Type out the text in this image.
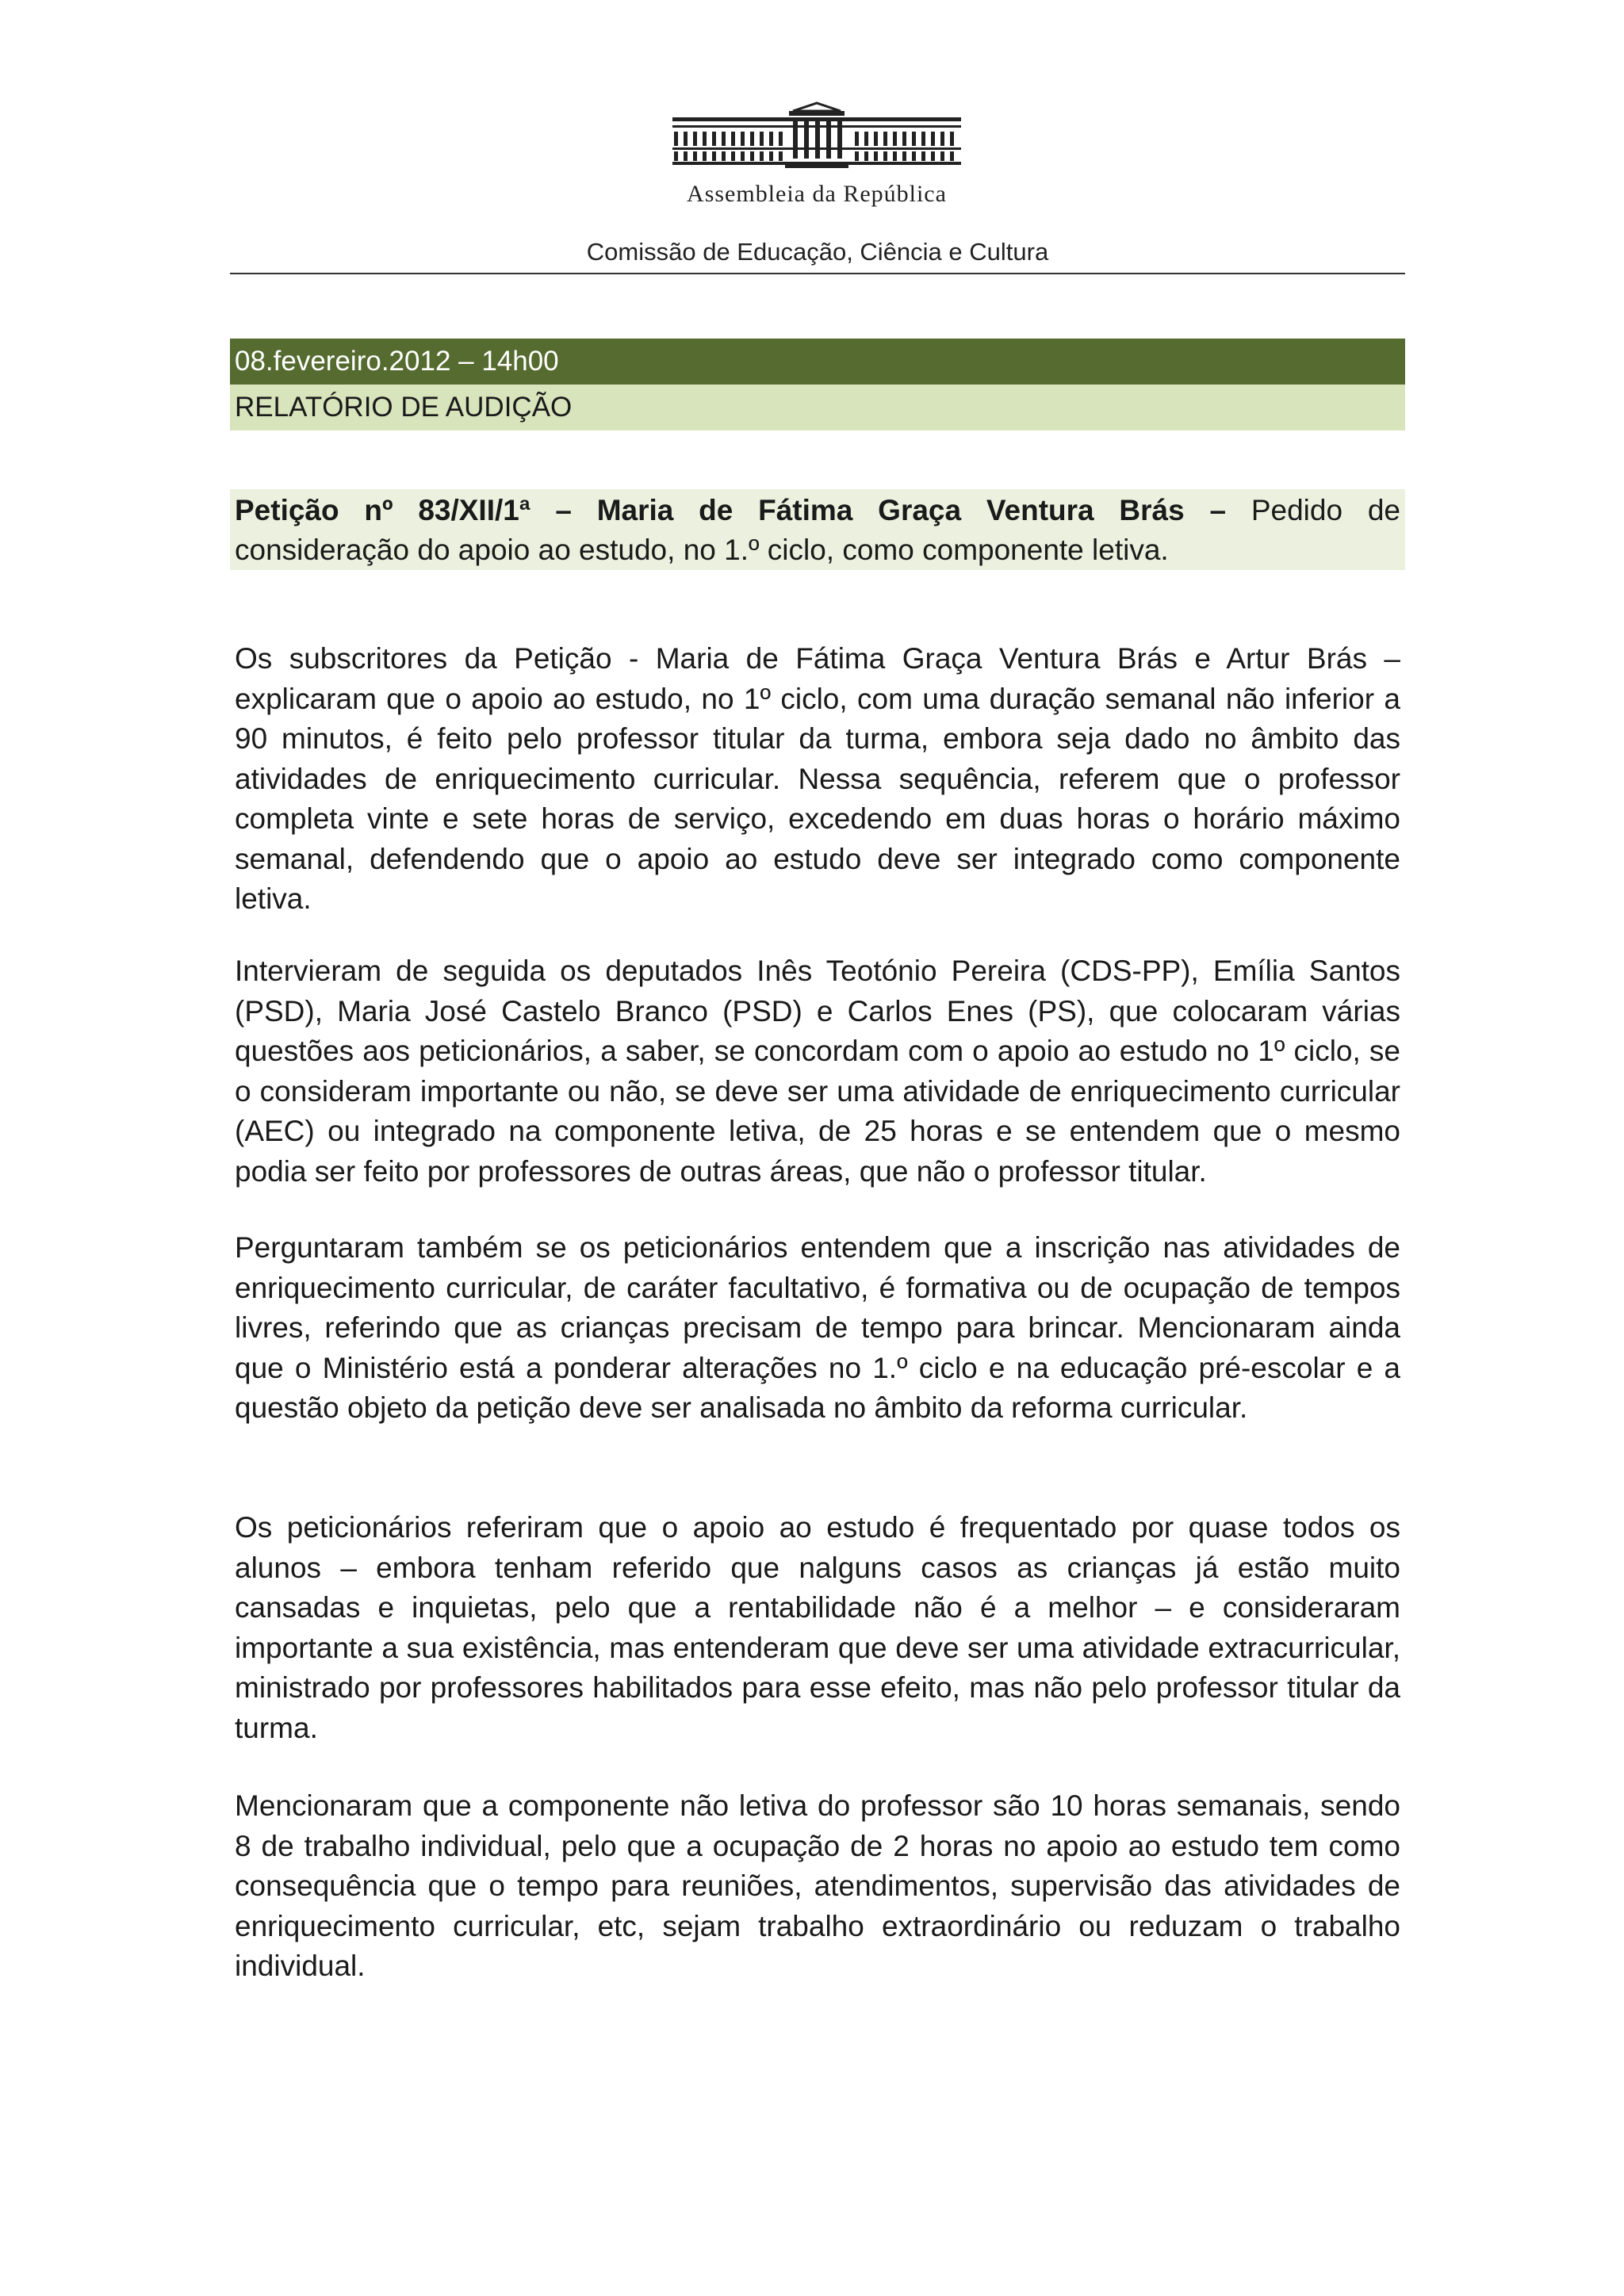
Assembleia da República
Comissão de Educação, Ciência e Cultura
08.fevereiro.2012 – 14h00
RELATÓRIO DE AUDIÇÃO
Petição nº 83/XII/1ª – Maria de Fátima Graça Ventura Brás – Pedido de
consideração do apoio ao estudo, no 1.º ciclo, como componente letiva.

Os subscritores da Petição - Maria de Fátima Graça Ventura Brás e Artur Brás – explicaram que o apoio ao estudo, no 1º ciclo, com uma duração semanal não inferior a 90 minutos, é feito pelo professor titular da turma, embora seja dado no âmbito das atividades de enriquecimento curricular. Nessa sequência, referem que o professor completa vinte e sete horas de serviço, excedendo em duas horas o horário máximo semanal, defendendo que o apoio ao estudo deve ser integrado como componente letiva.

Intervieram de seguida os deputados Inês Teotónio Pereira (CDS-PP), Emília Santos (PSD), Maria José Castelo Branco (PSD) e Carlos Enes (PS), que colocaram várias questões aos peticionários, a saber, se concordam com o apoio ao estudo no 1º ciclo, se o consideram importante ou não, se deve ser uma atividade de enriquecimento curricular (AEC) ou integrado na componente letiva, de 25 horas e se entendem que o mesmo podia ser feito por professores de outras áreas, que não o professor titular.

Perguntaram também se os peticionários entendem que a inscrição nas atividades de enriquecimento curricular, de caráter facultativo, é formativa ou de ocupação de tempos livres, referindo que as crianças precisam de tempo para brincar. Mencionaram ainda que o Ministério está a ponderar alterações no 1.º ciclo e na educação pré-escolar e a questão objeto da petição deve ser analisada no âmbito da reforma curricular.

Os peticionários referiram que o apoio ao estudo é frequentado por quase todos os alunos – embora tenham referido que nalguns casos as crianças já estão muito cansadas e inquietas, pelo que a rentabilidade não é a melhor – e consideraram importante a sua existência, mas entenderam que deve ser uma atividade extracurricular, ministrado por professores habilitados para esse efeito, mas não pelo professor titular da turma.

Mencionaram que a componente não letiva do professor são 10 horas semanais, sendo 8 de trabalho individual, pelo que a ocupação de 2 horas no apoio ao estudo tem como consequência que o tempo para reuniões, atendimentos, supervisão das atividades de enriquecimento curricular, etc, sejam trabalho extraordinário ou reduzam o trabalho individual.
